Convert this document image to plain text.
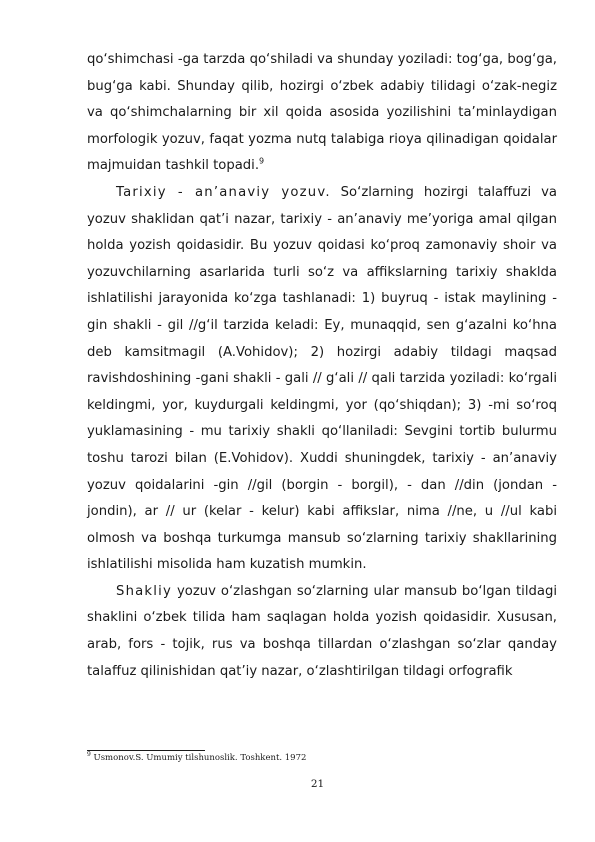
qo‘shimchasi -ga tarzda qo‘shiladi va shunday yoziladi: tog‘ga, bog‘ga, bug‘ga kabi. Shunday qilib, hozirgi o‘zbek adabiy tilidagi o‘zak-negiz va qo‘shimchalarning bir xil qoida asosida yozilishini ta’minlaydigan morfologik yozuv, faqat yozma nutq talabiga rioya qilinadigan qoidalar majmuidan tashkil topadi.$^9$

Tarixiy - an’anaviy yozuv. So‘zlarning hozirgi talaffuzi va yozuv shaklidan qat’i nazar, tarixiy - an’anaviy me’yoriga amal qilgan holda yozish qoidasidir. Bu yozuv qoidasi ko‘proq zamonaviy shoir va yozuvchilarning asarlarida turli so‘z va affikslarning tarixiy shaklda ishlatilishi jarayonida ko‘zga tashlanadi: 1) buyruq - istak maylining -gin shakli - gil //g‘il tarzida keladi: Ey, munaqqid, sen g‘azalni ko‘hna deb kamsitmagil (A.Vohidov); 2) hozirgi adabiy tildagi maqsad ravishdoshining -gani shakli - gali // g‘ali // qali tarzida yoziladi: ko‘rgali keldingmi, yor, kuydurgali keldingmi, yor (qo‘shiqdan); 3) -mi so‘roq yuklamasining - mu tarixiy shakli qo‘llaniladi: Sevgini tortib bulurmu toshu tarozi bilan (E.Vohidov). Xuddi shuningdek, tarixiy - an’anaviy yozuv qoidalarini -gin //gil (borgin - borgil), - dan //din (jondan - jondin), ar // ur (kelar - kelur) kabi affikslar, nima //ne, u //ul kabi olmosh va boshqa turkumga mansub so‘zlarning tarixiy shakllarining ishlatilishi misolida ham kuzatish mumkin.

Shakliy yozuv o‘zlashgan so‘zlarning ular mansub bo‘lgan tildagi shaklini o‘zbek tilida ham saqlagan holda yozish qoidasidir. Xususan, arab, fors - tojik, rus va boshqa tillardan o‘zlashgan so‘zlar qanday talaffuz qilinishidan qat’iy nazar, o‘zlashtirilgan tildagi orfografik

$^9$ Usmonov.S. Umumiy tilshunoslik. Toshkent. 1972
21
